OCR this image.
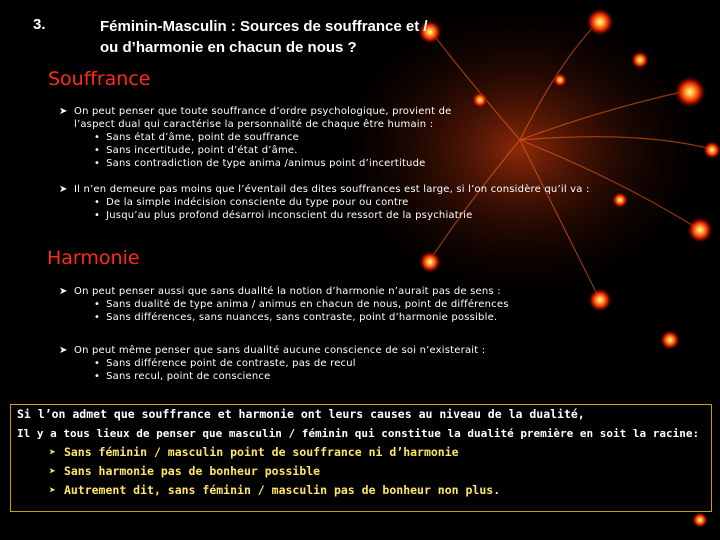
3.	Féminin-Masculin : Sources de souffrance et /
ou d’harmonie en chacun de nous ?
Souffrance
➤ On peut penser que toute souffrance d’ordre psychologique, provient de
l’aspect dual qui caractérise la personnalité de chaque être humain :
• Sans état d’âme, point de souffrance
• Sans incertitude, point d’état d’âme.
• Sans contradiction de type anima /animus point d’incertitude
➤ Il n’en demeure pas moins que l’éventail des dites souffrances est large, si l’on considère qu’il va :
• De la simple indécision consciente du type pour ou contre
• Jusqu’au plus profond désarroi inconscient du ressort de la psychiatrie
Harmonie
➤ On peut penser aussi que sans dualité la notion d’harmonie n’aurait pas de sens :
• Sans dualité de type anima / animus en chacun de nous, point de différences
• Sans différences, sans nuances, sans contraste, point d’harmonie possible.
➤ On peut même penser que sans dualité aucune conscience de soi n’existerait :
• Sans différence point de contraste, pas de recul
• Sans recul, point de conscience
Si l’on admet que souffrance et harmonie ont leurs causes au niveau de la dualité,
Il y a tous lieux de penser que masculin / féminin qui constitue la dualité première en soit la racine:
➤ Sans féminin / masculin point de souffrance ni d’harmonie
➤ Sans harmonie pas de bonheur possible
➤ Autrement dit, sans féminin / masculin pas de bonheur non plus.
